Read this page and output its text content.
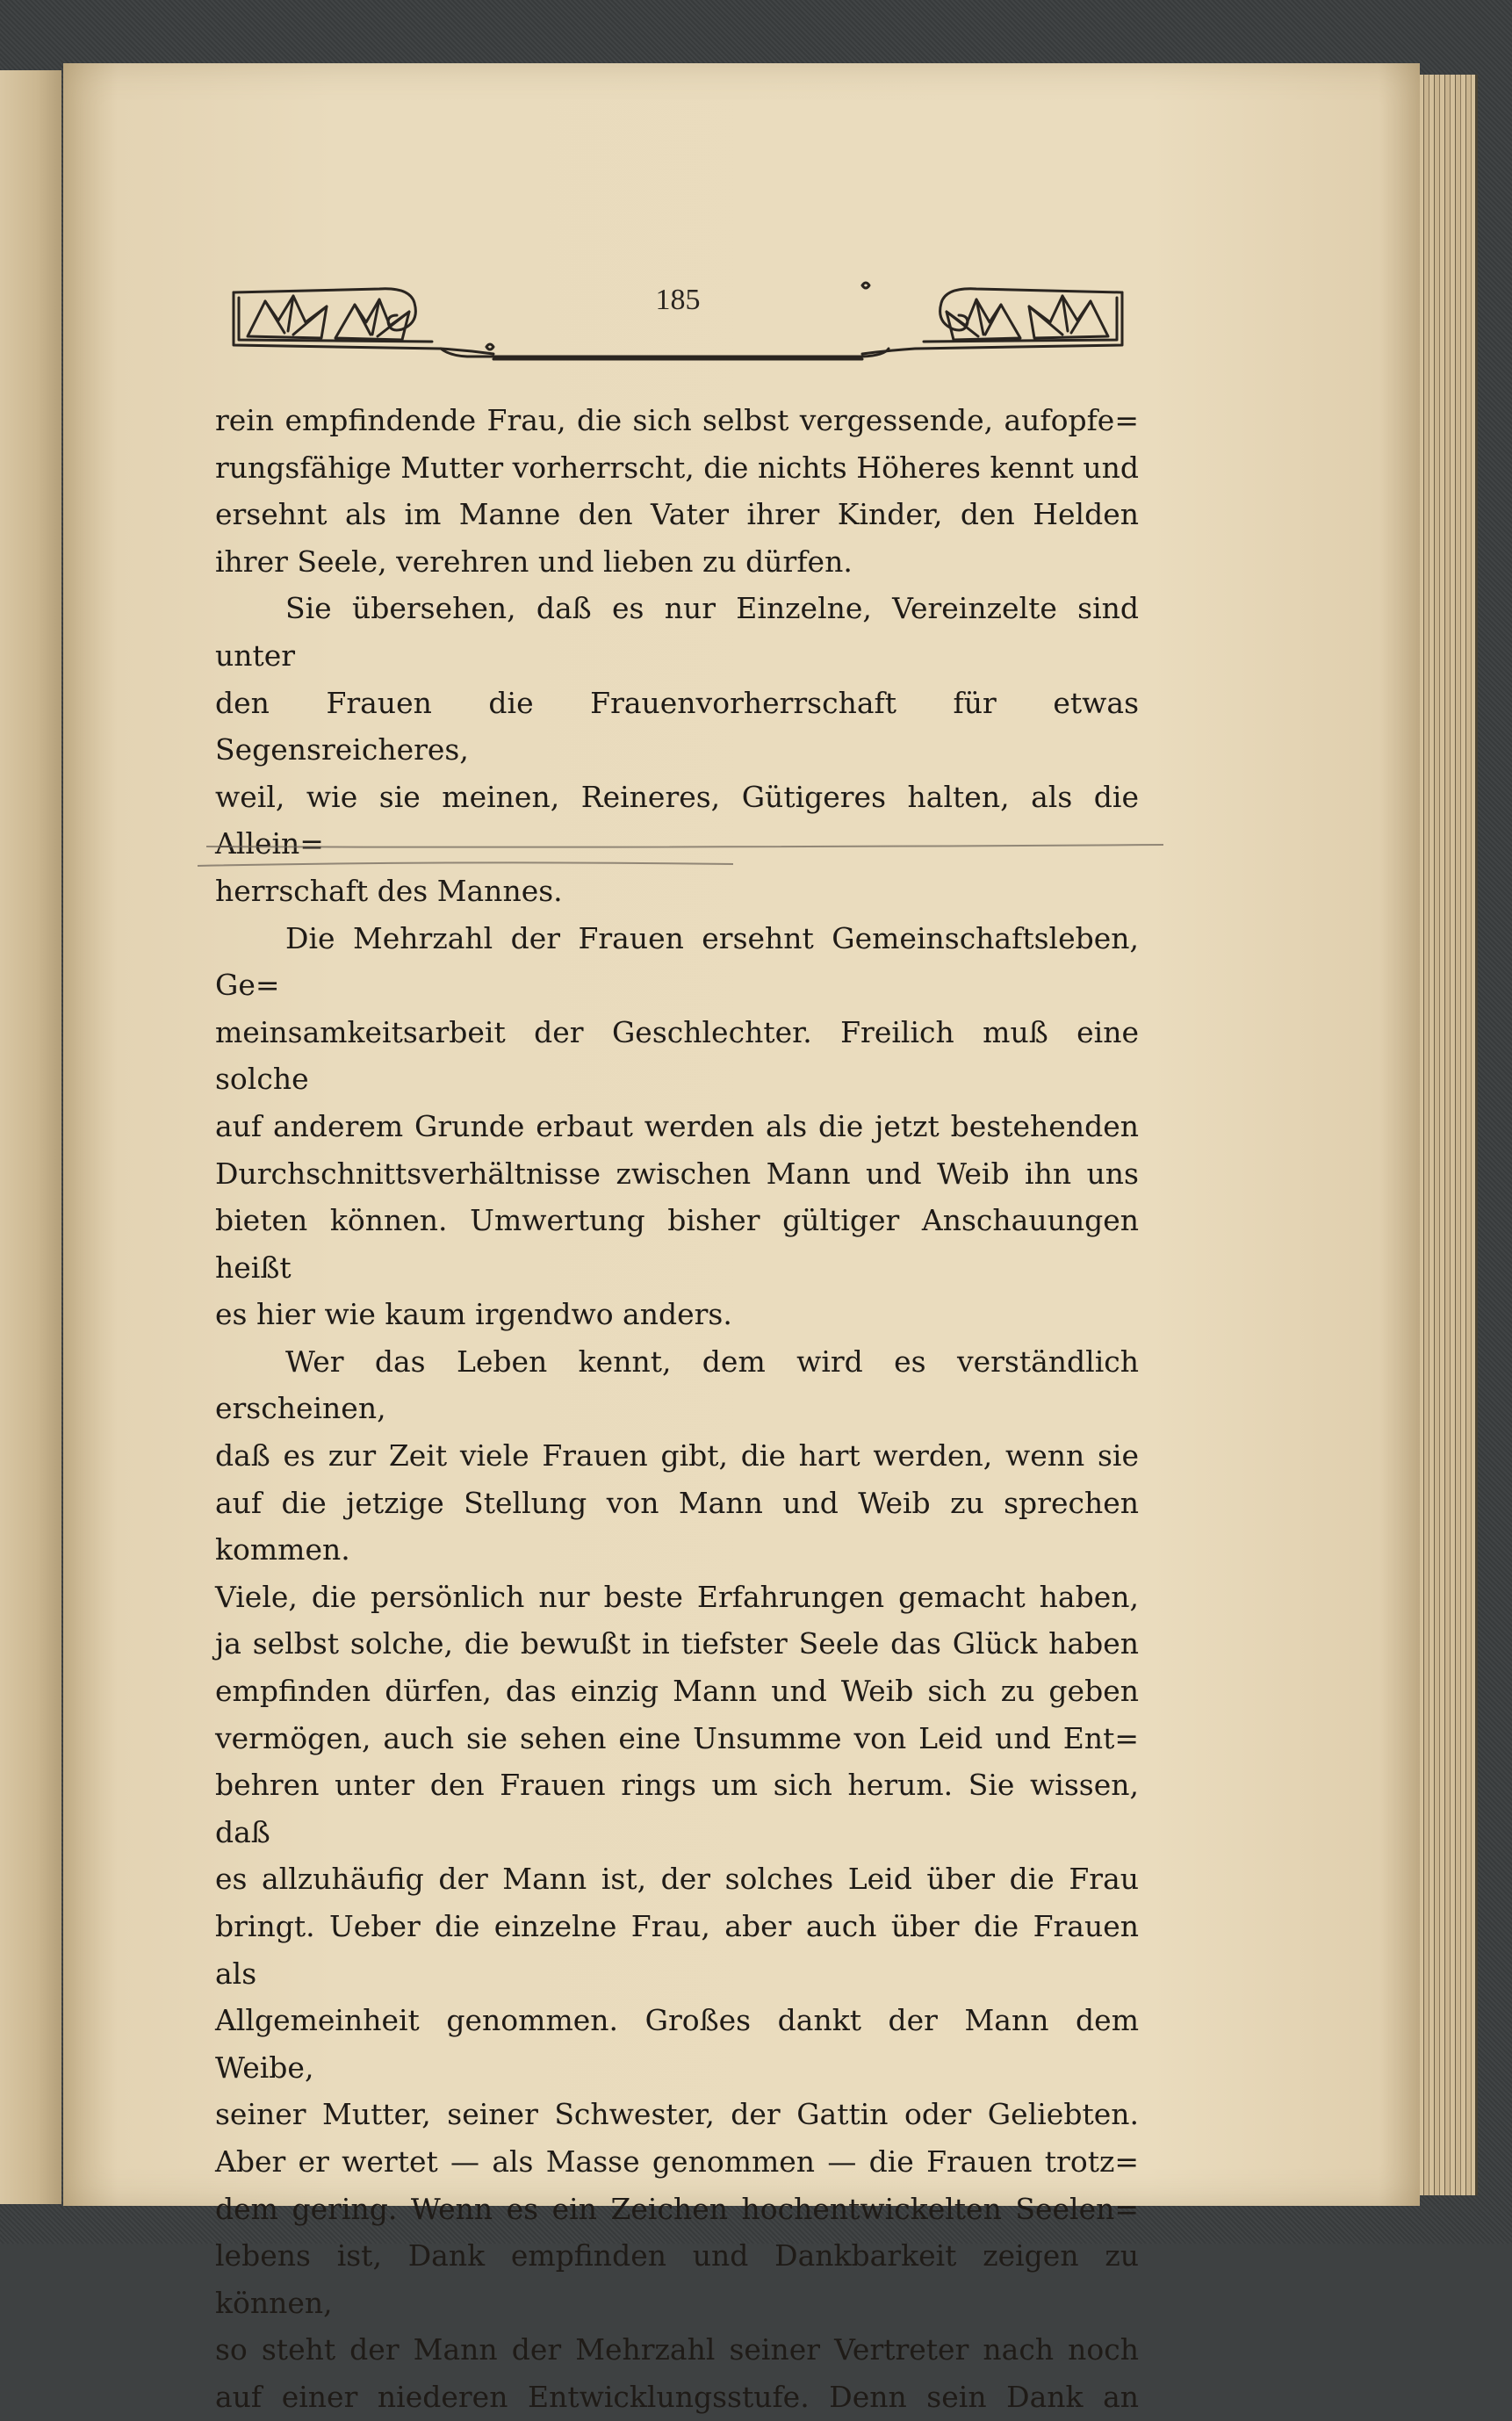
185

rein empfindende Frau, die sich selbst vergessende, aufopfe=

rungsfähige Mutter vorherrscht, die nichts Höheres kennt und

ersehnt als im Manne den Vater ihrer Kinder, den Helden

ihrer Seele, verehren und lieben zu dürfen.

Sie übersehen, daß es nur Einzelne, Vereinzelte sind unter

den Frauen die Frauenvorherrschaft für etwas Segensreicheres,

weil, wie sie meinen, Reineres, Gütigeres halten, als die Allein=

herrschaft des Mannes.

Die Mehrzahl der Frauen ersehnt Gemeinschaftsleben, Ge=

meinsamkeitsarbeit der Geschlechter. Freilich muß eine solche

auf anderem Grunde erbaut werden als die jetzt bestehenden

Durchschnittsverhältnisse zwischen Mann und Weib ihn uns

bieten können. Umwertung bisher gültiger Anschauungen heißt

es hier wie kaum irgendwo anders.

Wer das Leben kennt, dem wird es verständlich erscheinen,

daß es zur Zeit viele Frauen gibt, die hart werden, wenn sie

auf die jetzige Stellung von Mann und Weib zu sprechen kommen.

Viele, die persönlich nur beste Erfahrungen gemacht haben,

ja selbst solche, die bewußt in tiefster Seele das Glück haben

empfinden dürfen, das einzig Mann und Weib sich zu geben

vermögen, auch sie sehen eine Unsumme von Leid und Ent=

behren unter den Frauen rings um sich herum. Sie wissen, daß

es allzuhäufig der Mann ist, der solches Leid über die Frau

bringt. Ueber die einzelne Frau, aber auch über die Frauen als

Allgemeinheit genommen. Großes dankt der Mann dem Weibe,

seiner Mutter, seiner Schwester, der Gattin oder Geliebten.

Aber er wertet — als Masse genommen — die Frauen trotz=

dem gering. Wenn es ein Zeichen hochentwickelten Seelen=

lebens ist, Dank empfinden und Dankbarkeit zeigen zu können,

so steht der Mann der Mehrzahl seiner Vertreter nach noch

auf einer niederen Entwicklungsstufe. Denn sein Dank an
